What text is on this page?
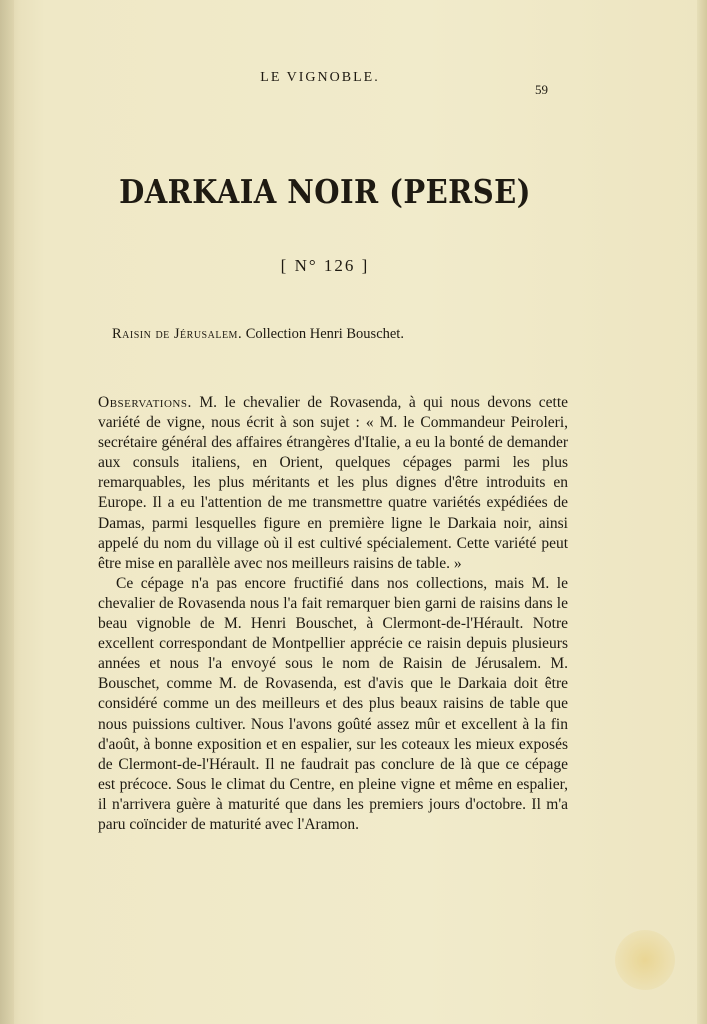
LE VIGNOBLE.
59
DARKAIA NOIR (PERSE)
[ N° 126 ]
Raisin de Jérusalem. Collection Henri Bouschet.

Observations. M. le chevalier de Rovasenda, à qui nous devons cette variété de vigne, nous écrit à son sujet : « M. le Commandeur Peiroleri, secrétaire général des affaires étrangères d'Italie, a eu la bonté de demander aux consuls italiens, en Orient, quelques cépages parmi les plus remarquables, les plus méritants et les plus dignes d'être introduits en Europe. Il a eu l'attention de me transmettre quatre variétés expédiées de Damas, parmi lesquelles figure en première ligne le Darkaia noir, ainsi appelé du nom du village où il est cultivé spécialement. Cette variété peut être mise en parallèle avec nos meilleurs raisins de table. »

Ce cépage n'a pas encore fructifié dans nos collections, mais M. le chevalier de Rovasenda nous l'a fait remarquer bien garni de raisins dans le beau vignoble de M. Henri Bouschet, à Clermont-de-l'Hérault. Notre excellent correspondant de Montpellier apprécie ce raisin depuis plusieurs années et nous l'a envoyé sous le nom de Raisin de Jérusalem. M. Bouschet, comme M. de Rovasenda, est d'avis que le Darkaia doit être considéré comme un des meilleurs et des plus beaux raisins de table que nous puissions cultiver. Nous l'avons goûté assez mûr et excellent à la fin d'août, à bonne exposition et en espalier, sur les coteaux les mieux exposés de Clermont-de-l'Hérault. Il ne faudrait pas conclure de là que ce cépage est précoce. Sous le climat du Centre, en pleine vigne et même en espalier, il n'arrivera guère à maturité que dans les premiers jours d'octobre. Il m'a paru coïncider de maturité avec l'Aramon.
